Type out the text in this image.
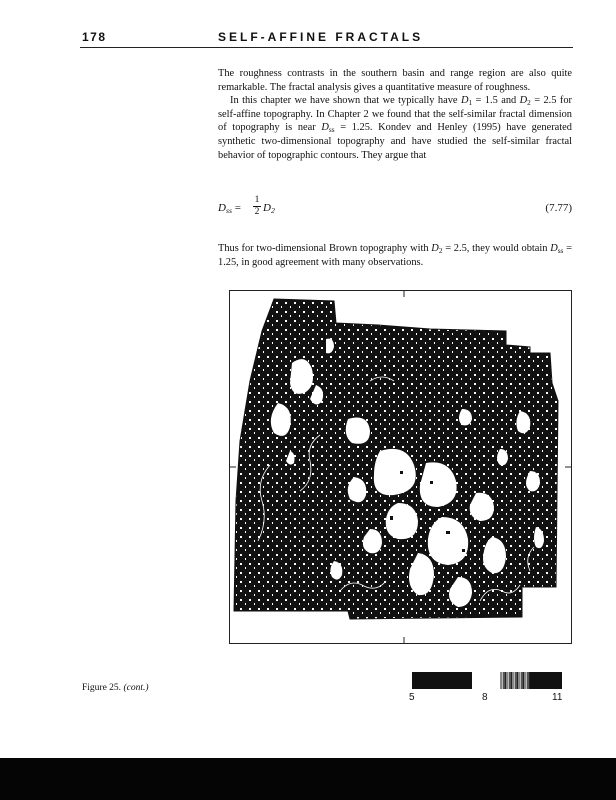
178	SELF-AFFINE FRACTALS

The roughness contrasts in the southern basin and range region are also quite remarkable. The fractal analysis gives a quantitative measure of roughness.

In this chapter we have shown that we typically have $D_1 = 1.5$ and $D_2 = 2.5$ for self-affine topography. In Chapter 2 we found that the self-similar fractal dimension of topography is near $D_{ss} = 1.25$. Kondev and Henley (1995) have generated synthetic two-dimensional topography and have studied the self-similar fractal behavior of topographic contours. They argue that

$D_{ss}$ =
1
2 $D_2$	(7.77)

Thus for two-dimensional Brown topography with $D_2 = 2.5$, they would obtain $D_{ss} = 1.25$, in good agreement with many observations.

5	8	11
Figure 25. (cont.)
